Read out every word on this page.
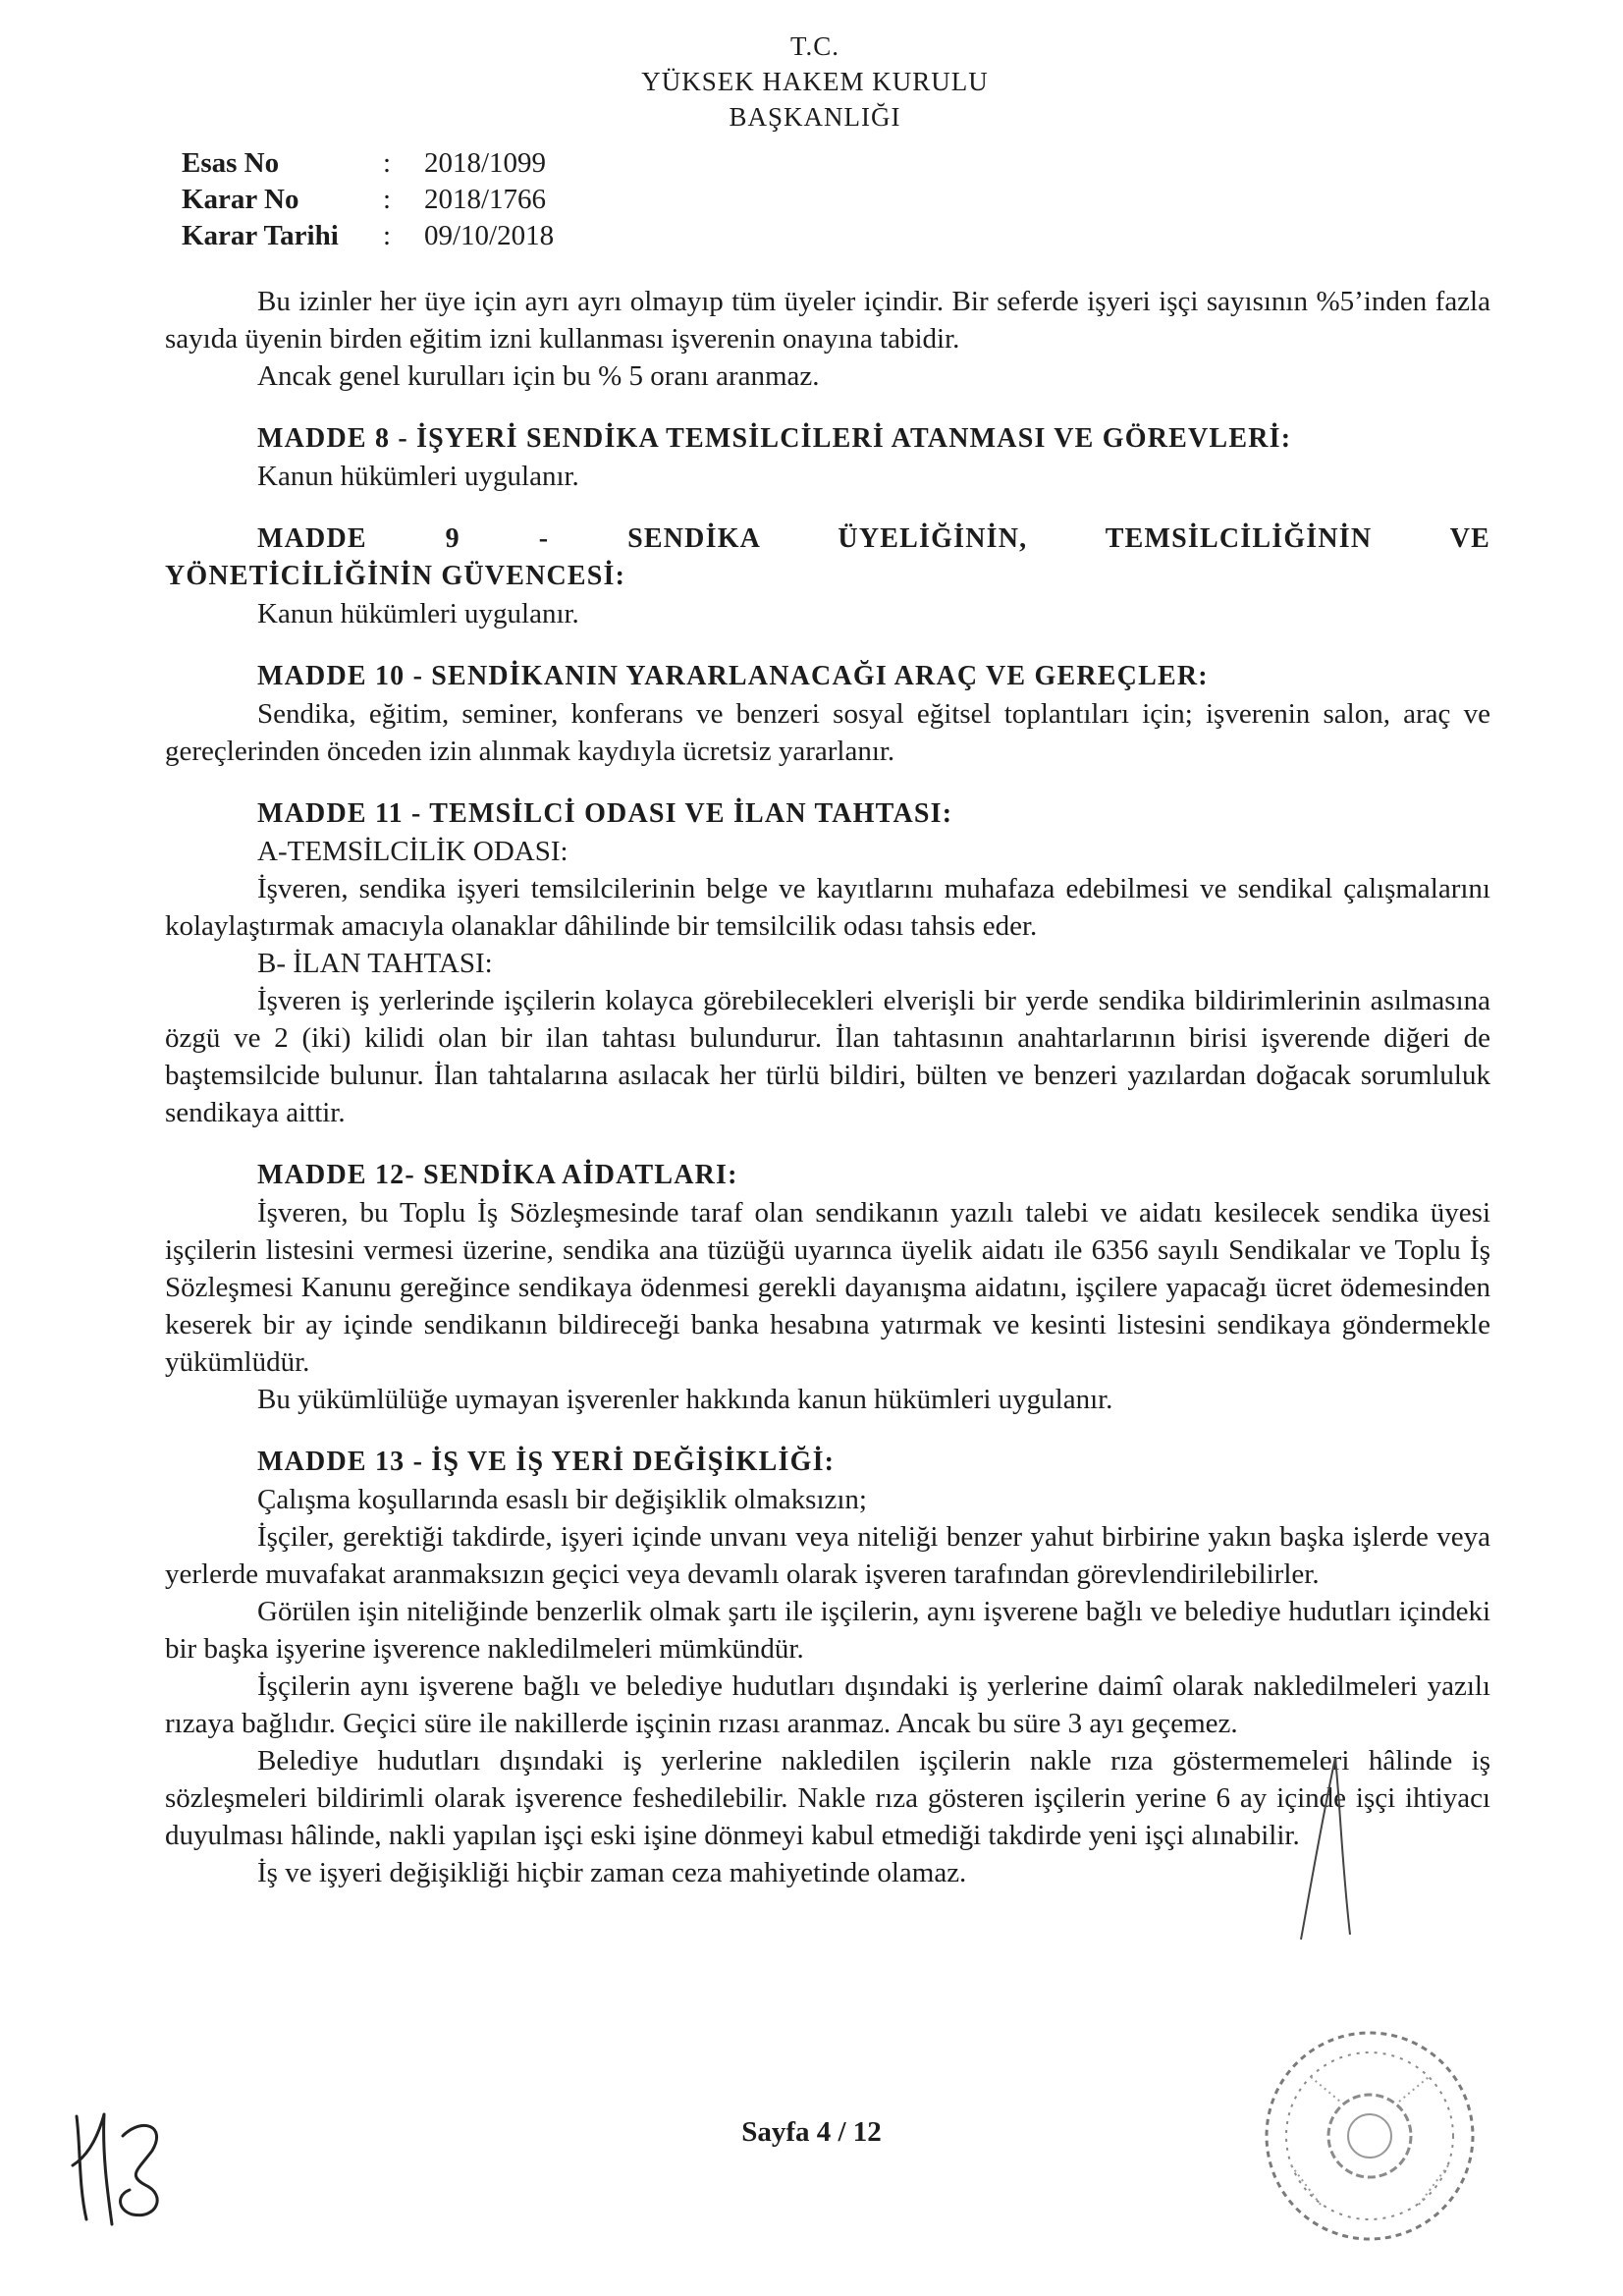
T.C.
YÜKSEK HAKEM KURULU
BAŞKANLIĞI
Esas No	:	2018/1099
Karar No	:	2018/1766
Karar Tarihi	:	09/10/2018

Bu izinler her üye için ayrı ayrı olmayıp tüm üyeler içindir. Bir seferde işyeri işçi sayısının %5’inden fazla sayıda üyenin birden eğitim izni kullanması işverenin onayına tabidir.

Ancak genel kurulları için bu % 5 oranı aranmaz.

MADDE 8 - İŞYERİ SENDİKA TEMSİLCİLERİ ATANMASI VE GÖREVLERİ:

Kanun hükümleri uygulanır.

MADDE 9 - SENDİKA ÜYELİĞİNİN, TEMSİLCİLİĞİNİN VE

YÖNETİCİLİĞİNİN GÜVENCESİ:

Kanun hükümleri uygulanır.

MADDE 10 - SENDİKANIN YARARLANACAĞI ARAÇ VE GEREÇLER:

Sendika, eğitim, seminer, konferans ve benzeri sosyal eğitsel toplantıları için; işverenin salon, araç ve gereçlerinden önceden izin alınmak kaydıyla ücretsiz yararlanır.

MADDE 11 - TEMSİLCİ ODASI VE İLAN TAHTASI:

A-TEMSİLCİLİK ODASI:

İşveren, sendika işyeri temsilcilerinin belge ve kayıtlarını muhafaza edebilmesi ve sendikal çalışmalarını kolaylaştırmak amacıyla olanaklar dâhilinde bir temsilcilik odası tahsis eder.

B- İLAN TAHTASI:

İşveren iş yerlerinde işçilerin kolayca görebilecekleri elverişli bir yerde sendika bildirimlerinin asılmasına özgü ve 2 (iki) kilidi olan bir ilan tahtası bulundurur. İlan tahtasının anahtarlarının birisi işverende diğeri de baştemsilcide bulunur. İlan tahtalarına asılacak her türlü bildiri, bülten ve benzeri yazılardan doğacak sorumluluk sendikaya aittir.

MADDE 12- SENDİKA AİDATLARI:

İşveren, bu Toplu İş Sözleşmesinde taraf olan sendikanın yazılı talebi ve aidatı kesilecek sendika üyesi işçilerin listesini vermesi üzerine, sendika ana tüzüğü uyarınca üyelik aidatı ile 6356 sayılı Sendikalar ve Toplu İş Sözleşmesi Kanunu gereğince sendikaya ödenmesi gerekli dayanışma aidatını, işçilere yapacağı ücret ödemesinden keserek bir ay içinde sendikanın bildireceği banka hesabına yatırmak ve kesinti listesini sendikaya göndermekle yükümlüdür.

Bu yükümlülüğe uymayan işverenler hakkında kanun hükümleri uygulanır.

MADDE 13 - İŞ VE İŞ YERİ DEĞİŞİKLİĞİ:

Çalışma koşullarında esaslı bir değişiklik olmaksızın;

İşçiler, gerektiği takdirde, işyeri içinde unvanı veya niteliği benzer yahut birbirine yakın başka işlerde veya yerlerde muvafakat aranmaksızın geçici veya devamlı olarak işveren tarafından görevlendirilebilirler.

Görülen işin niteliğinde benzerlik olmak şartı ile işçilerin, aynı işverene bağlı ve belediye hudutları içindeki bir başka işyerine işverence nakledilmeleri mümkündür.

İşçilerin aynı işverene bağlı ve belediye hudutları dışındaki iş yerlerine daimî olarak nakledilmeleri yazılı rızaya bağlıdır. Geçici süre ile nakillerde işçinin rızası aranmaz. Ancak bu süre 3 ayı geçemez.

Belediye hudutları dışındaki iş yerlerine nakledilen işçilerin nakle rıza göstermemeleri hâlinde iş sözleşmeleri bildirimli olarak işverence feshedilebilir. Nakle rıza gösteren işçilerin yerine 6 ay içinde işçi ihtiyacı duyulması hâlinde, nakli yapılan işçi eski işine dönmeyi kabul etmediği takdirde yeni işçi alınabilir.

İş ve işyeri değişikliği hiçbir zaman ceza mahiyetinde olamaz.

Sayfa 4 / 12
